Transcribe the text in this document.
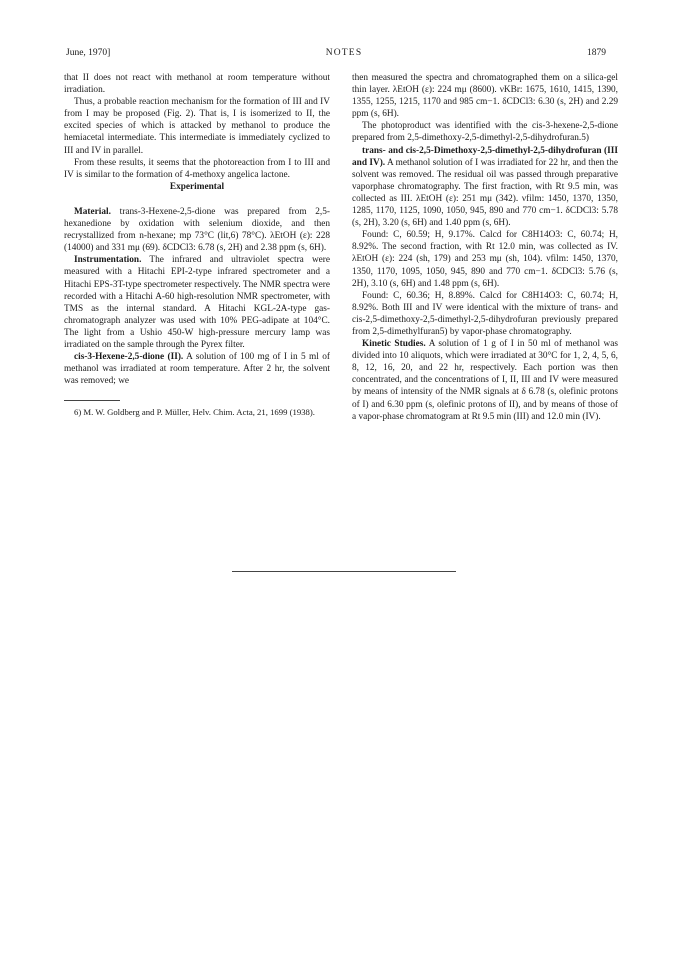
June, 1970]	NOTES	1879

that II does not react with methanol at room temperature without irradiation.

Thus, a probable reaction mechanism for the formation of III and IV from I may be proposed (Fig. 2). That is, I is isomerized to II, the excited species of which is attacked by methanol to produce the hemiacetal intermediate. This intermediate is immediately cyclized to III and IV in parallel.

From these results, it seems that the photoreaction from I to III and IV is similar to the formation of 4-methoxy angelica lactone.

Experimental

Material. trans-3-Hexene-2,5-dione was prepared from 2,5-hexanedione by oxidation with selenium dioxide, and then recrystallized from n-hexane; mp 73°C (lit,6) 78°C). λEtOH (ε): 228 (14000) and 331 mμ (69). δCDCl3: 6.78 (s, 2H) and 2.38 ppm (s, 6H).

Instrumentation. The infrared and ultraviolet spectra were measured with a Hitachi EPI-2-type infrared spectrometer and a Hitachi EPS-3T-type spectrometer respectively. The NMR spectra were recorded with a Hitachi A-60 high-resolution NMR spectrometer, with TMS as the internal standard. A Hitachi KGL-2A-type gas-chromatograph analyzer was used with 10% PEG-adipate at 104°C. The light from a Ushio 450-W high-pressure mercury lamp was irradiated on the sample through the Pyrex filter.

cis-3-Hexene-2,5-dione (II). A solution of 100 mg of I in 5 ml of methanol was irradiated at room temperature. After 2 hr, the solvent was removed; we

6) M. W. Goldberg and P. Müller, Helv. Chim. Acta, 21, 1699 (1938).

then measured the spectra and chromatographed them on a silica-gel thin layer. λEtOH (ε): 224 mμ (8600). νKBr: 1675, 1610, 1415, 1390, 1355, 1255, 1215, 1170 and 985 cm−1. δCDCl3: 6.30 (s, 2H) and 2.29 ppm (s, 6H).

The photoproduct was identified with the cis-3-hexene-2,5-dione prepared from 2,5-dimethoxy-2,5-dimethyl-2,5-dihydrofuran.5)

trans- and cis-2,5-Dimethoxy-2,5-dimethyl-2,5-dihydrofuran (III and IV). A methanol solution of I was irradiated for 22 hr, and then the solvent was removed. The residual oil was passed through preparative vaporphase chromatography. The first fraction, with Rt 9.5 min, was collected as III. λEtOH (ε): 251 mμ (342). νfilm: 1450, 1370, 1350, 1285, 1170, 1125, 1090, 1050, 945, 890 and 770 cm−1. δCDCl3: 5.78 (s, 2H), 3.20 (s, 6H) and 1.40 ppm (s, 6H).

Found: C, 60.59; H, 9.17%. Calcd for C8H14O3: C, 60.74; H, 8.92%. The second fraction, with Rt 12.0 min, was collected as IV. λEtOH (ε): 224 (sh, 179) and 253 mμ (sh, 104). νfilm: 1450, 1370, 1350, 1170, 1095, 1050, 945, 890 and 770 cm−1. δCDCl3: 5.76 (s, 2H), 3.10 (s, 6H) and 1.48 ppm (s, 6H).

Found: C, 60.36; H, 8.89%. Calcd for C8H14O3: C, 60.74; H, 8.92%. Both III and IV were identical with the mixture of trans- and cis-2,5-dimethoxy-2,5-dimethyl-2,5-dihydrofuran previously prepared from 2,5-dimethylfuran5) by vapor-phase chromatography.

Kinetic Studies. A solution of 1 g of I in 50 ml of methanol was divided into 10 aliquots, which were irradiated at 30°C for 1, 2, 4, 5, 6, 8, 12, 16, 20, and 22 hr, respectively. Each portion was then concentrated, and the concentrations of I, II, III and IV were measured by means of intensity of the NMR signals at δ 6.78 (s, olefinic protons of I) and 6.30 ppm (s, olefinic protons of II), and by means of those of a vapor-phase chromatogram at Rt 9.5 min (III) and 12.0 min (IV).
